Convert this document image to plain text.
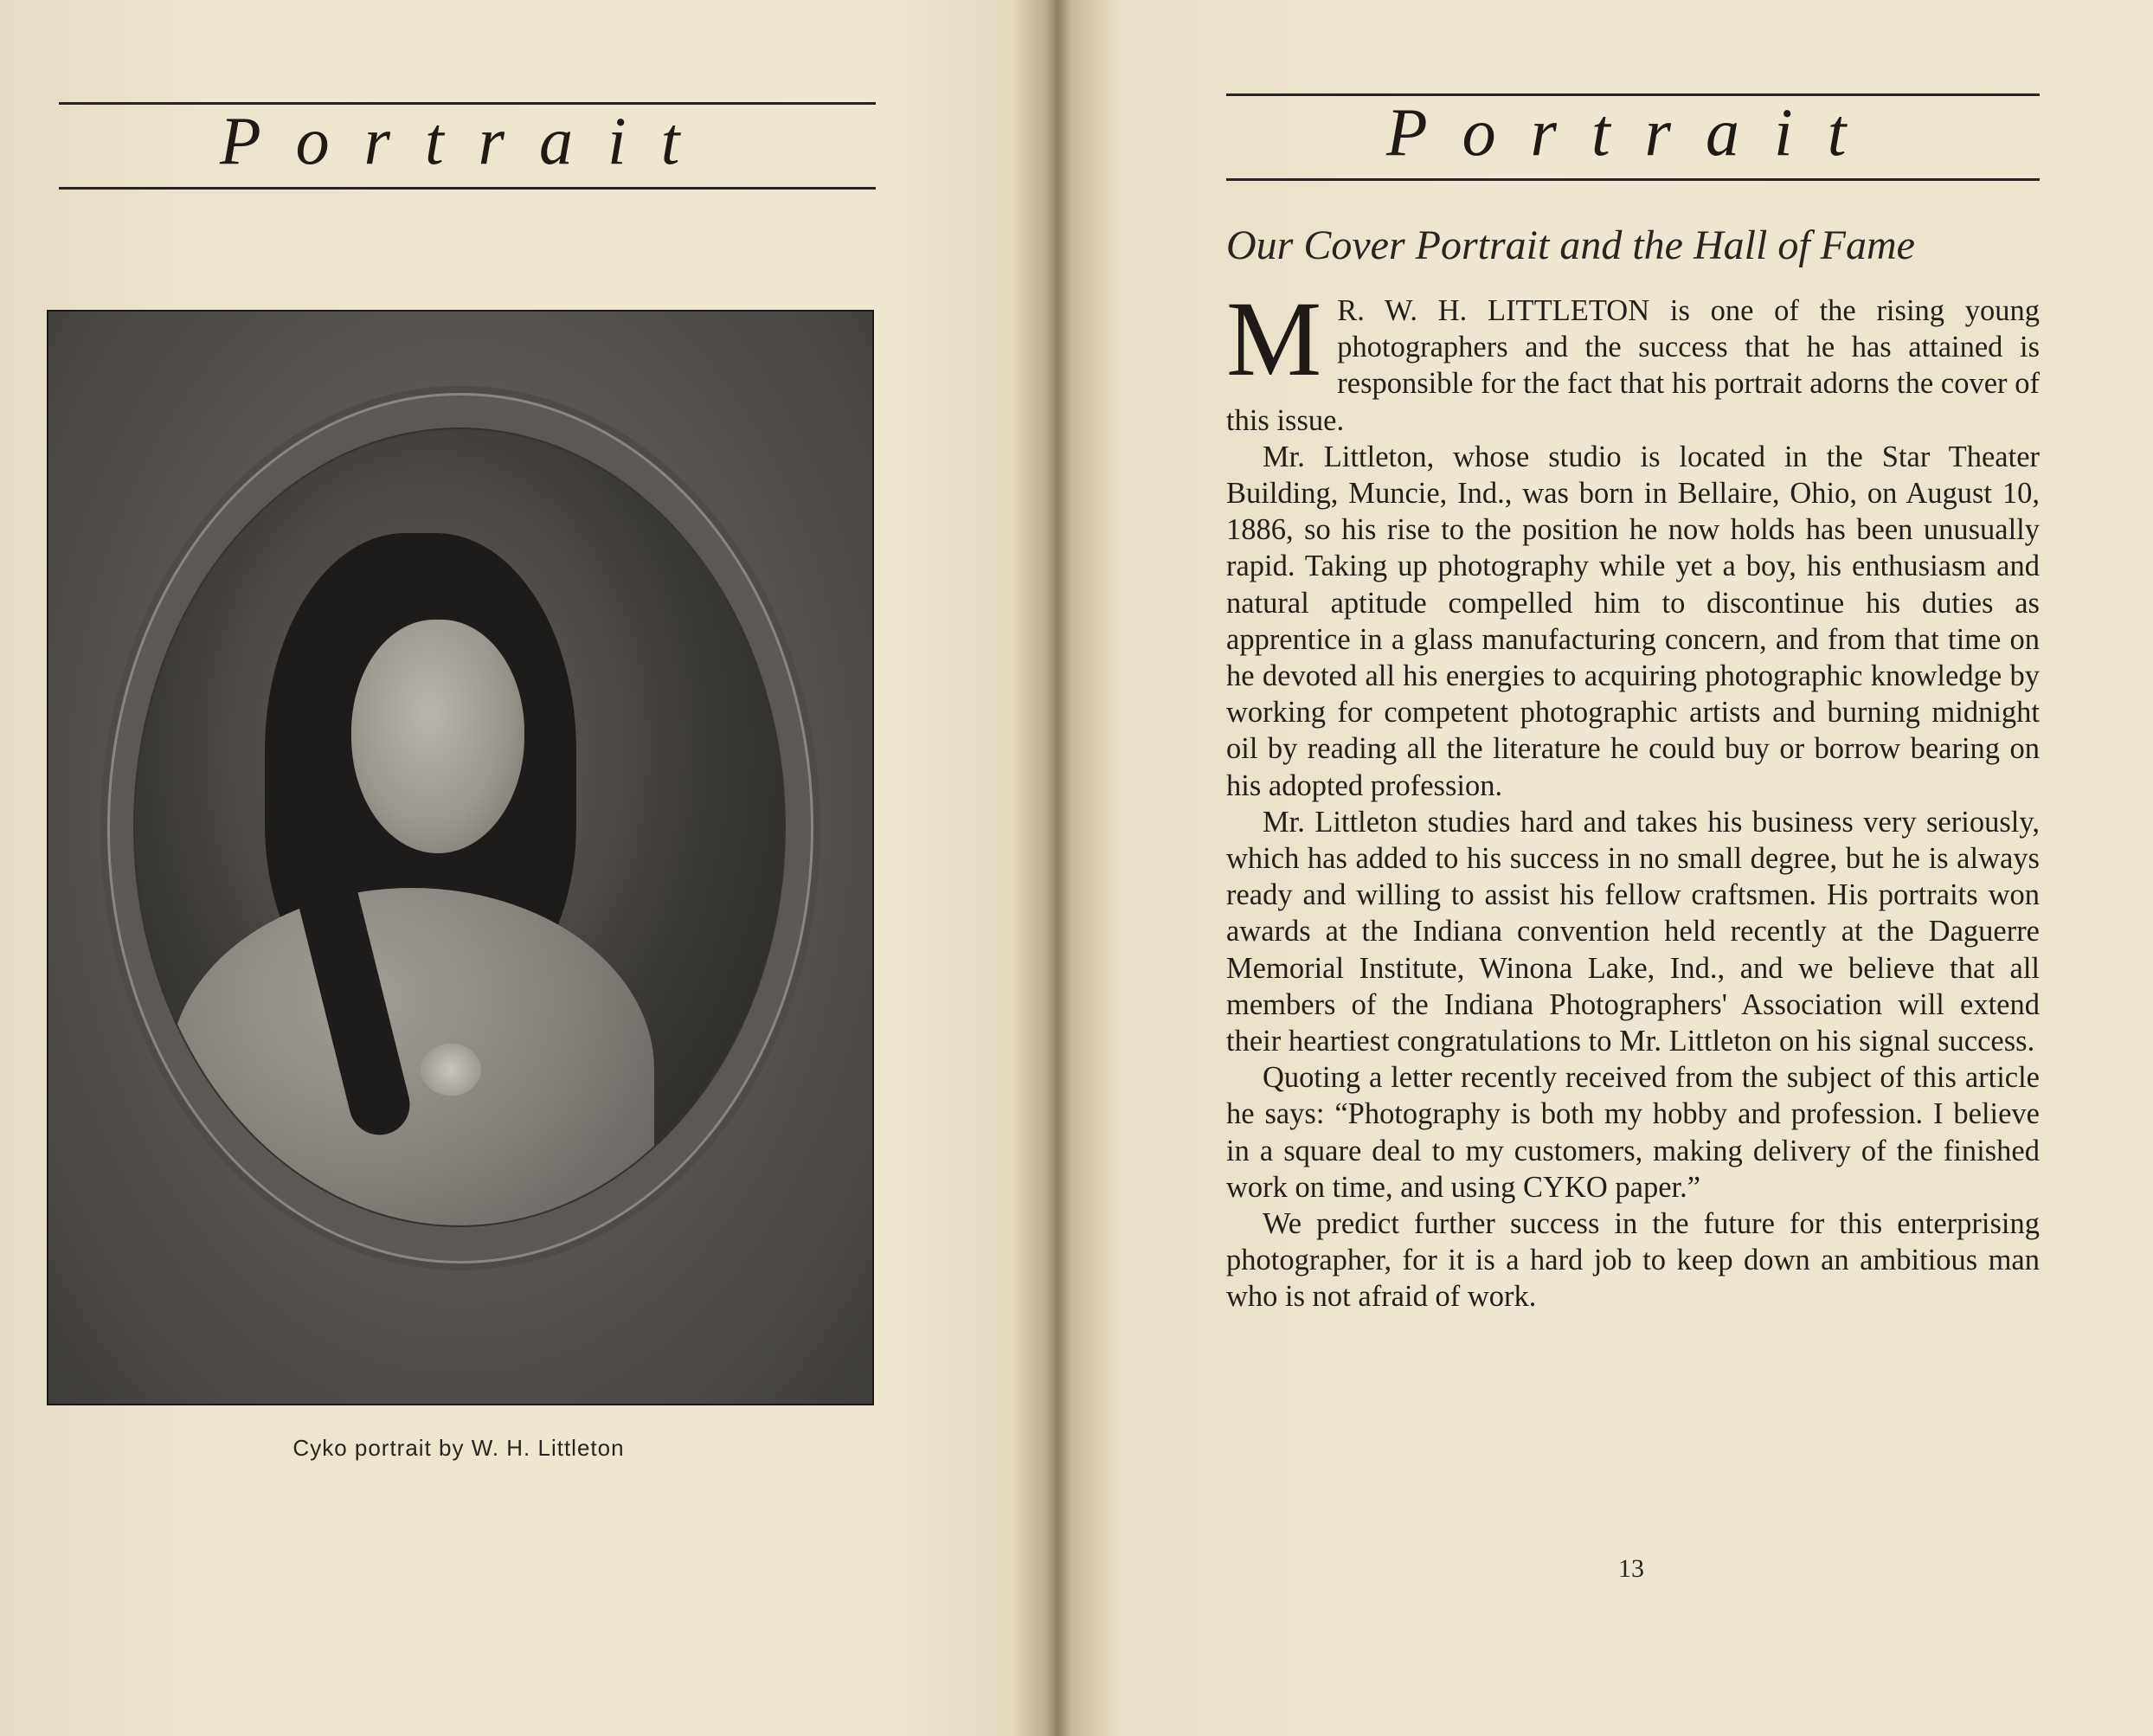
Portrait
Cyko portrait by W. H. Littleton
Portrait
Our Cover Portrait and the Hall of Fame

M R. W. H. LITTLETON is one of the rising young photographers and the success that he has attained is responsible for the fact that his portrait adorns the cover of this issue.

Mr. Littleton, whose studio is located in the Star Theater Building, Muncie, Ind., was born in Bellaire, Ohio, on August 10, 1886, so his rise to the position he now holds has been unusually rapid. Taking up photography while yet a boy, his enthusiasm and natural aptitude compelled him to discontinue his duties as apprentice in a glass manufacturing concern, and from that time on he devoted all his energies to acquiring photographic knowledge by working for competent photographic artists and burning midnight oil by reading all the literature he could buy or borrow bearing on his adopted profession.

Mr. Littleton studies hard and takes his business very seriously, which has added to his success in no small degree, but he is always ready and willing to assist his fellow craftsmen. His portraits won awards at the Indiana convention held recently at the Daguerre Memorial Institute, Winona Lake, Ind., and we believe that all members of the Indiana Photographers' Association will extend their heartiest congratulations to Mr. Littleton on his signal success.

Quoting a letter recently received from the subject of this article he says: “Photography is both my hobby and profession. I believe in a square deal to my customers, making delivery of the finished work on time, and using CYKO paper.”

We predict further success in the future for this enterprising photographer, for it is a hard job to keep down an ambitious man who is not afraid of work.

13
